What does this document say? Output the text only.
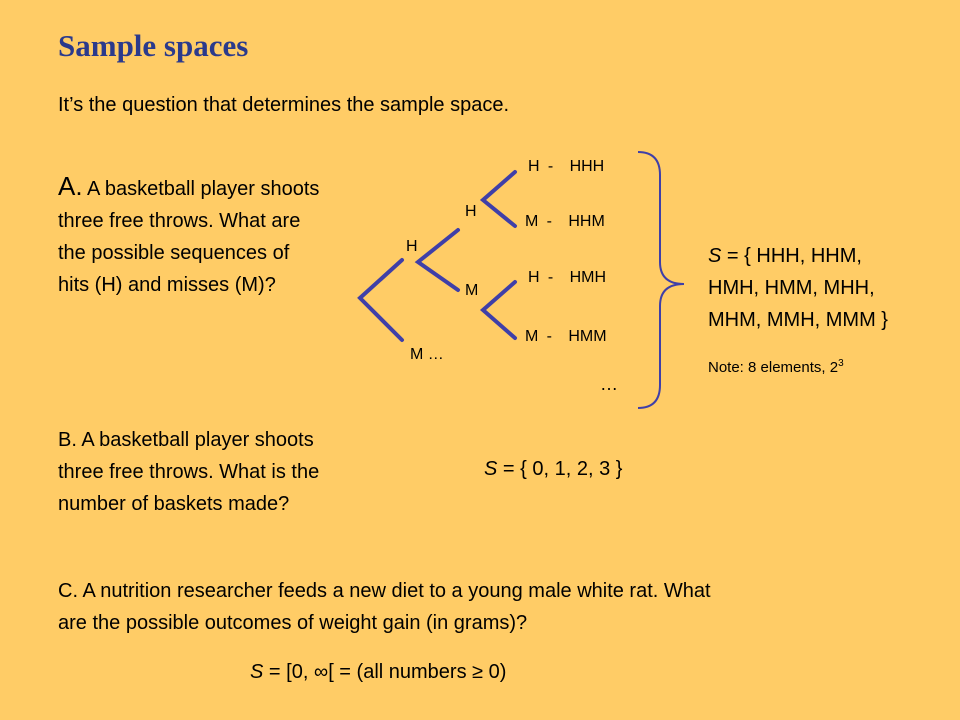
Sample spaces
It’s the question that determines the sample space.
A. A basketball player shoots
three free throws. What are
the possible sequences of
hits (H) and misses (M)?
H
M …
H
M
H - HHH
M - HHM
H - HMH
M - HMM
…
S = { HHH, HHM,
HMH, HMM, MHH,
MHM, MMH, MMM }
Note: 8 elements, $2^3$
B. A basketball player shoots
three free throws. What is the
number of baskets made?
S = { 0, 1, 2, 3 }
C. A nutrition researcher feeds a new diet to a young male white rat. What
are the possible outcomes of weight gain (in grams)?
S = [0, ∞[ = (all numbers ≥ 0)
